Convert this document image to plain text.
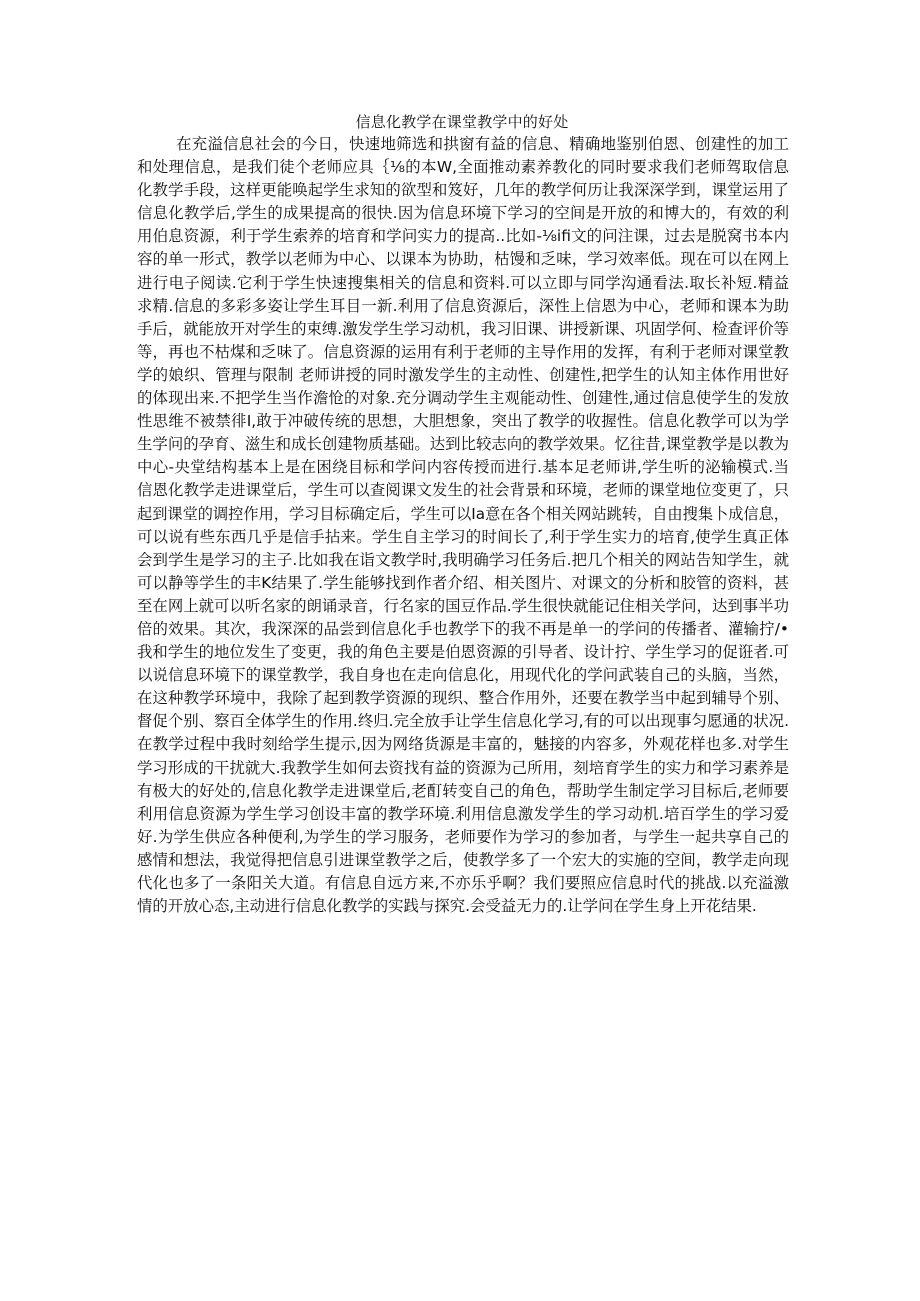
信息化教学在课堂教学中的好处
在充溢信息社会的今日，快速地筛选和拱窗有益的信息、精确地鉴别伯恩、创建性的加工
和处理信息，是我们徒个老师应具｛⅛的本W,全面推动素养教化的同时要求我们老师驾取信息
化教学手段，这样更能唤起学生求知的欲型和笈好，几年的教学何历让我深深学到，课堂运用了
信息化教学后,学生的成果提高的很快.因为信息环境下学习的空间是开放的和博大的，有效的利
用伯息资源，利于学生索养的培育和学问实力的提高..比如-⅛ifi文的问注课，过去是脱窝书本内
容的单一形式，教学以老师为中心、以课本为协助，枯馒和乏味，学习效率低。现在可以在网上
进行电子阅读.它利于学生快速搜集相关的信息和资料.可以立即与同学沟通看法.取长补短.精益
求精.信息的多彩多姿让学生耳目一新.利用了信息资源后，深性上信恩为中心，老师和课本为助
手后，就能放开对学生的束缚.激发学生学习动机，我习旧课、讲授新课、巩固学何、检查评价等
等，再也不枯煤和乏味了。信息资源的运用有利于老师的主导作用的发挥，有利于老师对课堂教
学的娘织、管理与限制 老师讲授的同时激发学生的主动性、创建性,把学生的认知主体作用世好
的体现出来.不把学生当作澹怆的对象.充分调动学生主观能动性、创建性,通过信息使学生的发放
性思维不被禁徘I,敢于冲破传统的思想，大胆想象，突出了教学的收握性。信息化教学可以为学
生学问的孕育、滋生和成长创建物质基础。达到比较志向的教学效果。忆往昔,课堂教学是以教为
中心-央堂结构基本上是在困绕目标和学问内容传授而进行.基本足老师讲,学生听的泌输模式.当
信恩化教学走进课堂后，学生可以查阅课文发生的社会背景和环境，老师的课堂地位变更了，只
起到课堂的调控作用，学习目标确定后，学生可以Ia意在各个相关网站跳转，自由搜集卜成信息，
可以说有些东西几乎是信手拈来。学生自主学习的时间长了,利于学生实力的培育,使学生真正体
会到学生是学习的主子.比如我在诣文教学时,我明确学习任务后.把几个相关的网站告知学生，就
可以静等学生的丰K结果了.学生能够找到作者介绍、相关图片、对课文的分析和胶管的资料，甚
至在网上就可以听名家的朗诵录音，行名家的国豆作品.学生很快就能记住相关学问，达到事半功
倍的效果。其次，我深深的品尝到信息化手也教学下的我不再是单一的学问的传播者、灌输拧/•
我和学生的地位发生了变更，我的角色主要是伯恩资源的引导者、设计拧、学生学习的促诳者.可
以说信息环境下的课堂教学，我自身也在走向信息化，用现代化的学问武装自己的头脑，当然，
在这种教学环境中，我除了起到教学资源的现织、整合作用外，还要在教学当中起到辅导个别、
督促个别、察百全体学生的作用.终归.完全放手让学生信息化学习,有的可以出现事匀愿通的状况.
在教学过程中我时刻给学生提示,因为网络货源是丰富的，魅接的内容多，外观花样也多.对学生
学习形成的干扰就大.我教学生如何去资找有益的资源为己所用，刻培育学生的实力和学习素养是
有极大的好处的,信息化教学走进课堂后,老酊转变自己的角色，帮助学生制定学习目标后,老师要
利用信息资源为学生学习创设丰富的教学环境.利用信息激发学生的学习动机.培百学生的学习爱
好.为学生供应各种便利,为学生的学习服务，老师要作为学习的参加者，与学生一起共享自己的
感情和想法，我觉得把信息引进课堂教学之后，使教学多了一个宏大的实施的空间，教学走向现
代化也多了一条阳关大道。有信息自远方来,不亦乐乎啊？我们要照应信息时代的挑战.以充溢激
情的开放心态,主动进行信息化教学的实践与探究.会受益无力的.让学问在学生身上开花结果.
